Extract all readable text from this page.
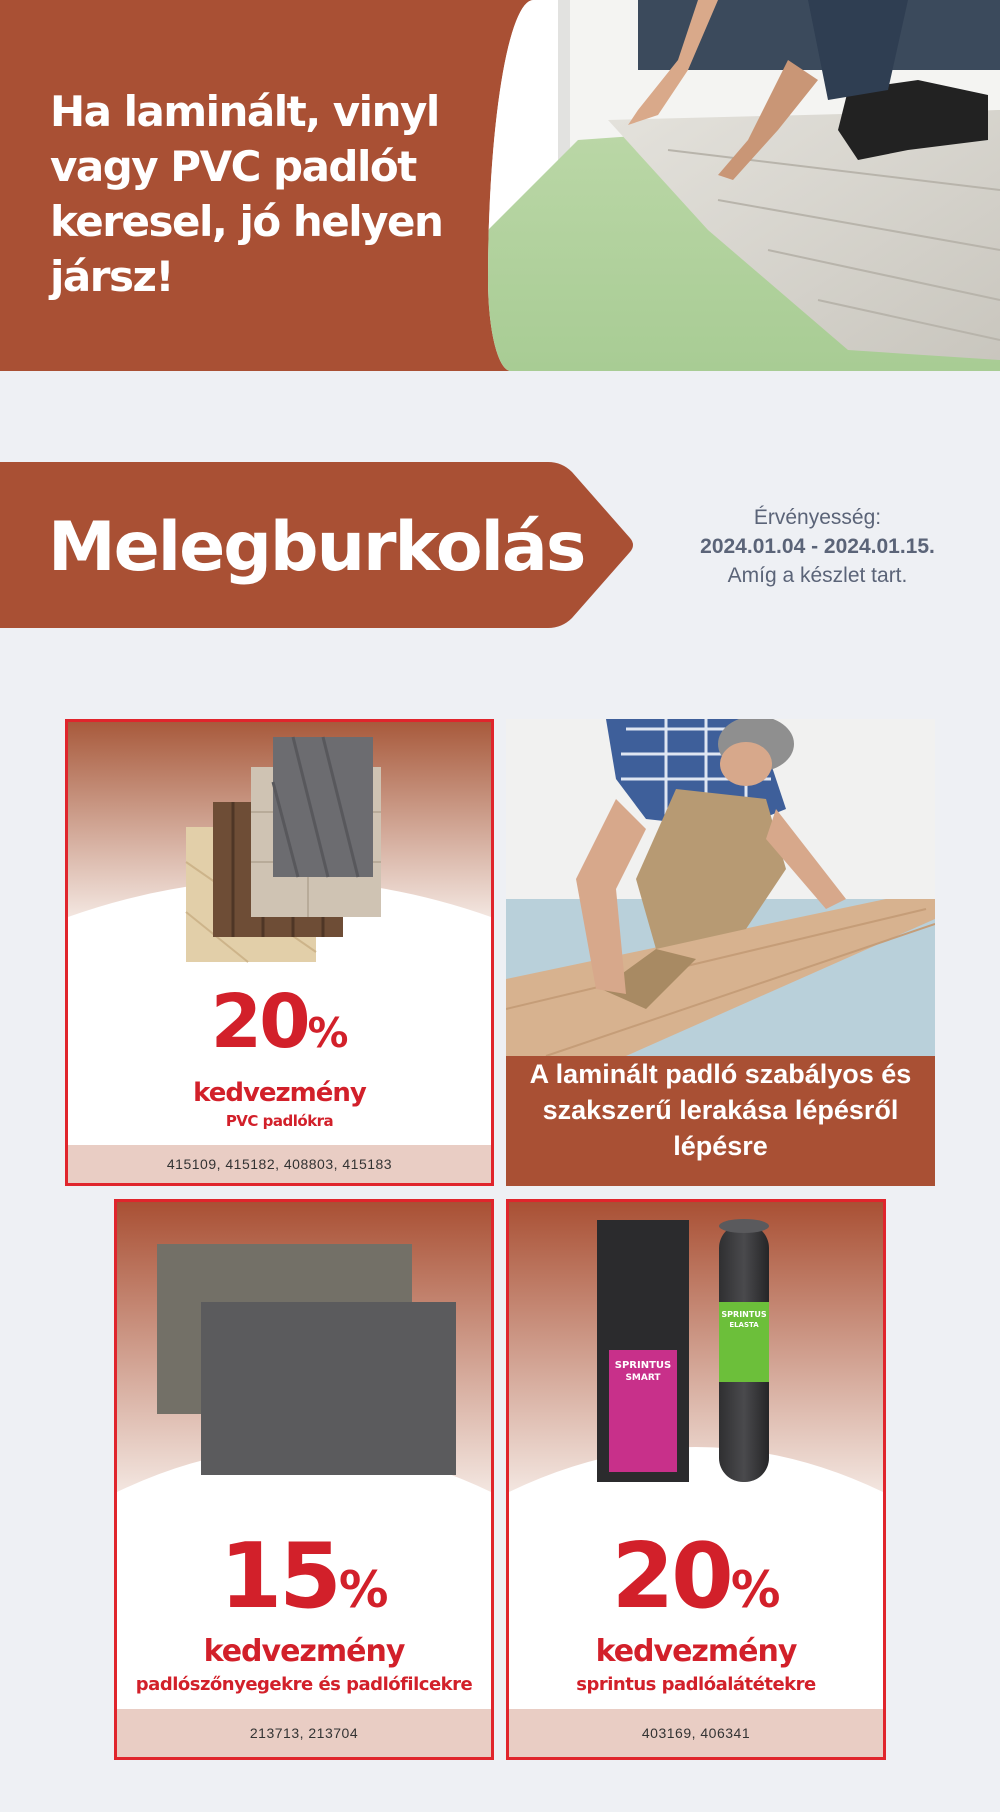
Ha laminált, vinyl vagy PVC padlót keresel, jó helyen jársz!
Melegburkolás	Érvényesség:
2024.01.04 - 2024.01.15.
Amíg a készlet tart.
20%
kedvezmény
PVC padlókra
415109, 415182, 408803, 415183
A laminált padló szabályos és szakszerű lerakása lépésről lépésre
15%
kedvezmény
padlószőnyegekre és padlófilcekre
213713, 213704
SPRINTUS
SMART
SPRINTUS
ELASTA
20%
kedvezmény
sprintus padlóalátétekre
403169, 406341
